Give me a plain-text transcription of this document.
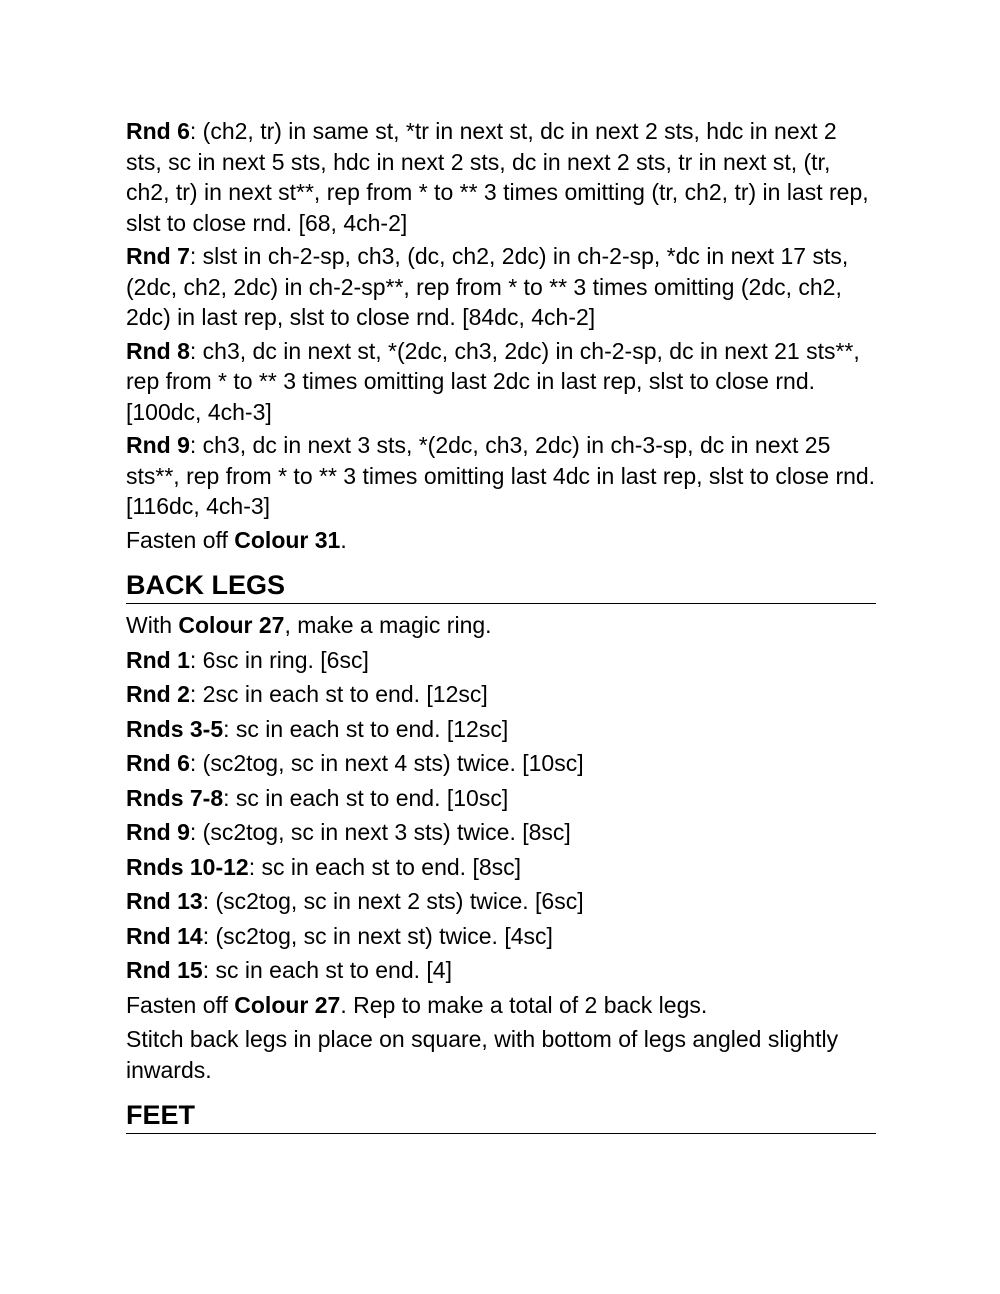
Rnd 6: (ch2, tr) in same st, *tr in next st, dc in next 2 sts, hdc in next 2 sts, sc in next 5 sts, hdc in next 2 sts, dc in next 2 sts, tr in next st, (tr, ch2, tr) in next st**, rep from * to ** 3 times omitting (tr, ch2, tr) in last rep, slst to close rnd. [68, 4ch-2]

Rnd 7: slst in ch-2-sp, ch3, (dc, ch2, 2dc) in ch-2-sp, *dc in next 17 sts, (2dc, ch2, 2dc) in ch-2-sp**, rep from * to ** 3 times omitting (2dc, ch2, 2dc) in last rep, slst to close rnd. [84dc, 4ch-2]

Rnd 8: ch3, dc in next st, *(2dc, ch3, 2dc) in ch-2-sp, dc in next 21 sts**, rep from * to ** 3 times omitting last 2dc in last rep, slst to close rnd. [100dc, 4ch-3]

Rnd 9: ch3, dc in next 3 sts, *(2dc, ch3, 2dc) in ch-3-sp, dc in next 25 sts**, rep from * to ** 3 times omitting last 4dc in last rep, slst to close rnd. [116dc, 4ch-3]

Fasten off Colour 31.

BACK LEGS

With Colour 27, make a magic ring.

Rnd 1: 6sc in ring. [6sc]

Rnd 2: 2sc in each st to end. [12sc]

Rnds 3-5: sc in each st to end. [12sc]

Rnd 6: (sc2tog, sc in next 4 sts) twice. [10sc]

Rnds 7-8: sc in each st to end. [10sc]

Rnd 9: (sc2tog, sc in next 3 sts) twice. [8sc]

Rnds 10-12: sc in each st to end. [8sc]

Rnd 13: (sc2tog, sc in next 2 sts) twice. [6sc]

Rnd 14: (sc2tog, sc in next st) twice. [4sc]

Rnd 15: sc in each st to end. [4]

Fasten off Colour 27. Rep to make a total of 2 back legs.

Stitch back legs in place on square, with bottom of legs angled slightly inwards.

FEET
